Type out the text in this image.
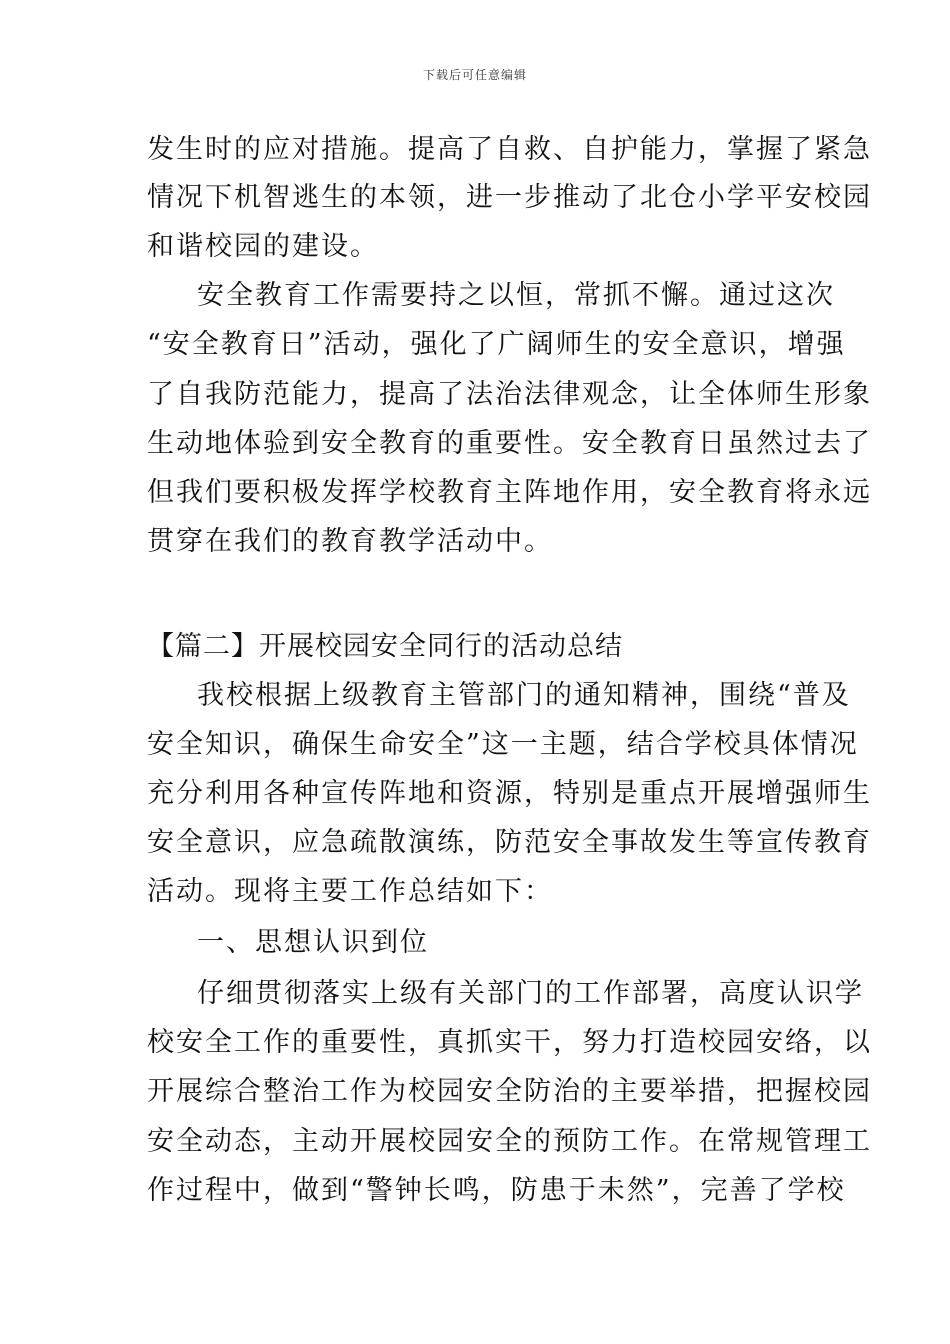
下载后可任意编辑
发生时的应对措施。提高了自救、自护能力，掌握了紧急
情况下机智逃生的本领，进一步推动了北仓小学平安校园
和谐校园的建设。
安全教育工作需要持之以恒，常抓不懈。通过这次
“安全教育日”活动，强化了广阔师生的安全意识，增强
了自我防范能力，提高了法治法律观念，让全体师生形象
生动地体验到安全教育的重要性。安全教育日虽然过去了
但我们要积极发挥学校教育主阵地作用，安全教育将永远
贯穿在我们的教育教学活动中。
【篇二】开展校园安全同行的活动总结
我校根据上级教育主管部门的通知精神，围绕“普及
安全知识，确保生命安全”这一主题，结合学校具体情况
充分利用各种宣传阵地和资源，特别是重点开展增强师生
安全意识，应急疏散演练，防范安全事故发生等宣传教育
活动。现将主要工作总结如下：
一、思想认识到位
仔细贯彻落实上级有关部门的工作部署，高度认识学
校安全工作的重要性，真抓实干，努力打造校园安络，以
开展综合整治工作为校园安全防治的主要举措，把握校园
安全动态，主动开展校园安全的预防工作。在常规管理工
作过程中，做到“警钟长鸣，防患于未然”，完善了学校
